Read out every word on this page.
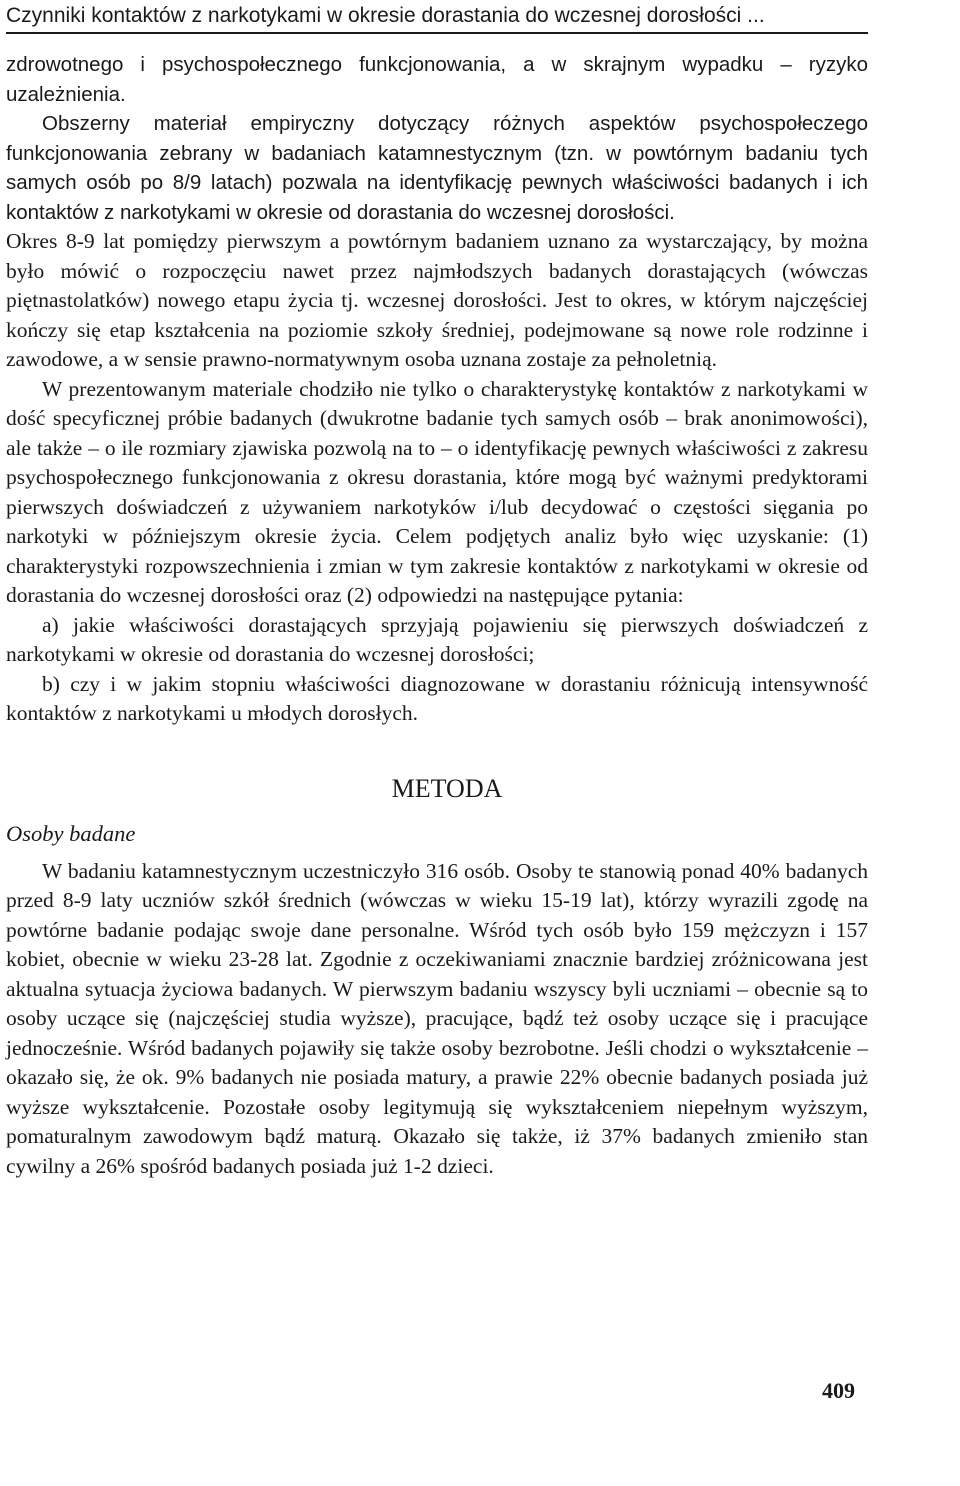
Czynniki kontaktów z narkotykami w okresie dorastania do wczesnej dorosłości ...

zdrowotnego i psychospołecznego funkcjonowania, a w skrajnym wypadku – ryzyko uzależnienia.

Obszerny materiał empiryczny dotyczący różnych aspektów psychospołeczego funkcjonowania zebrany w badaniach katamnestycznym (tzn. w powtórnym badaniu tych samych osób po 8/9 latach) pozwala na identyfikację pewnych właściwości badanych i ich kontaktów z narkotykami w okresie od dorastania do wczesnej dorosłości.

Okres 8-9 lat pomiędzy pierwszym a powtórnym badaniem uznano za wystarczający, by można było mówić o rozpoczęciu nawet przez najmłodszych badanych dorastających (wówczas piętnastolatków) nowego etapu życia tj. wczesnej dorosłości. Jest to okres, w którym najczęściej kończy się etap kształcenia na poziomie szkoły średniej, podejmowane są nowe role rodzinne i zawodowe, a w sensie prawno-normatywnym osoba uznana zostaje za pełnoletnią.

W prezentowanym materiale chodziło nie tylko o charakterystykę kontaktów z narkotykami w dość specyficznej próbie badanych (dwukrotne badanie tych samych osób – brak anonimowości), ale także – o ile rozmiary zjawiska pozwolą na to – o identyfikację pewnych właściwości z zakresu psychospołecznego funkcjonowania z okresu dorastania, które mogą być ważnymi predyktorami pierwszych doświadczeń z używaniem narkotyków i/lub decydować o częstości sięgania po narkotyki w późniejszym okresie życia. Celem podjętych analiz było więc uzyskanie: (1) charakterystyki rozpowszechnienia i zmian w tym zakresie kontaktów z narkotykami w okresie od dorastania do wczesnej dorosłości oraz (2) odpowiedzi na następujące pytania:

a) jakie właściwości dorastających sprzyjają pojawieniu się pierwszych doświadczeń z narkotykami w okresie od dorastania do wczesnej dorosłości;

b) czy i w jakim stopniu właściwości diagnozowane w dorastaniu różnicują intensywność kontaktów z narkotykami u młodych dorosłych.

METODA
Osoby badane

W badaniu katamnestycznym uczestniczyło 316 osób. Osoby te stanowią ponad 40% badanych przed 8-9 laty uczniów szkół średnich (wówczas w wieku 15-19 lat), którzy wyrazili zgodę na powtórne badanie podając swoje dane personalne. Wśród tych osób było 159 mężczyzn i 157 kobiet, obecnie w wieku 23-28 lat. Zgodnie z oczekiwaniami znacznie bardziej zróżnicowana jest aktualna sytuacja życiowa badanych. W pierwszym badaniu wszyscy byli uczniami – obecnie są to osoby uczące się (najczęściej studia wyższe), pracujące, bądź też osoby uczące się i pracujące jednocześnie. Wśród badanych pojawiły się także osoby bezrobotne. Jeśli chodzi o wykształcenie – okazało się, że ok. 9% badanych nie posiada matury, a prawie 22% obecnie badanych posiada już wyższe wykształcenie. Pozostałe osoby legitymują się wykształceniem niepełnym wyższym, pomaturalnym zawodowym bądź maturą. Okazało się także, iż 37% badanych zmieniło stan cywilny a 26% spośród badanych posiada już 1-2 dzieci.

409
